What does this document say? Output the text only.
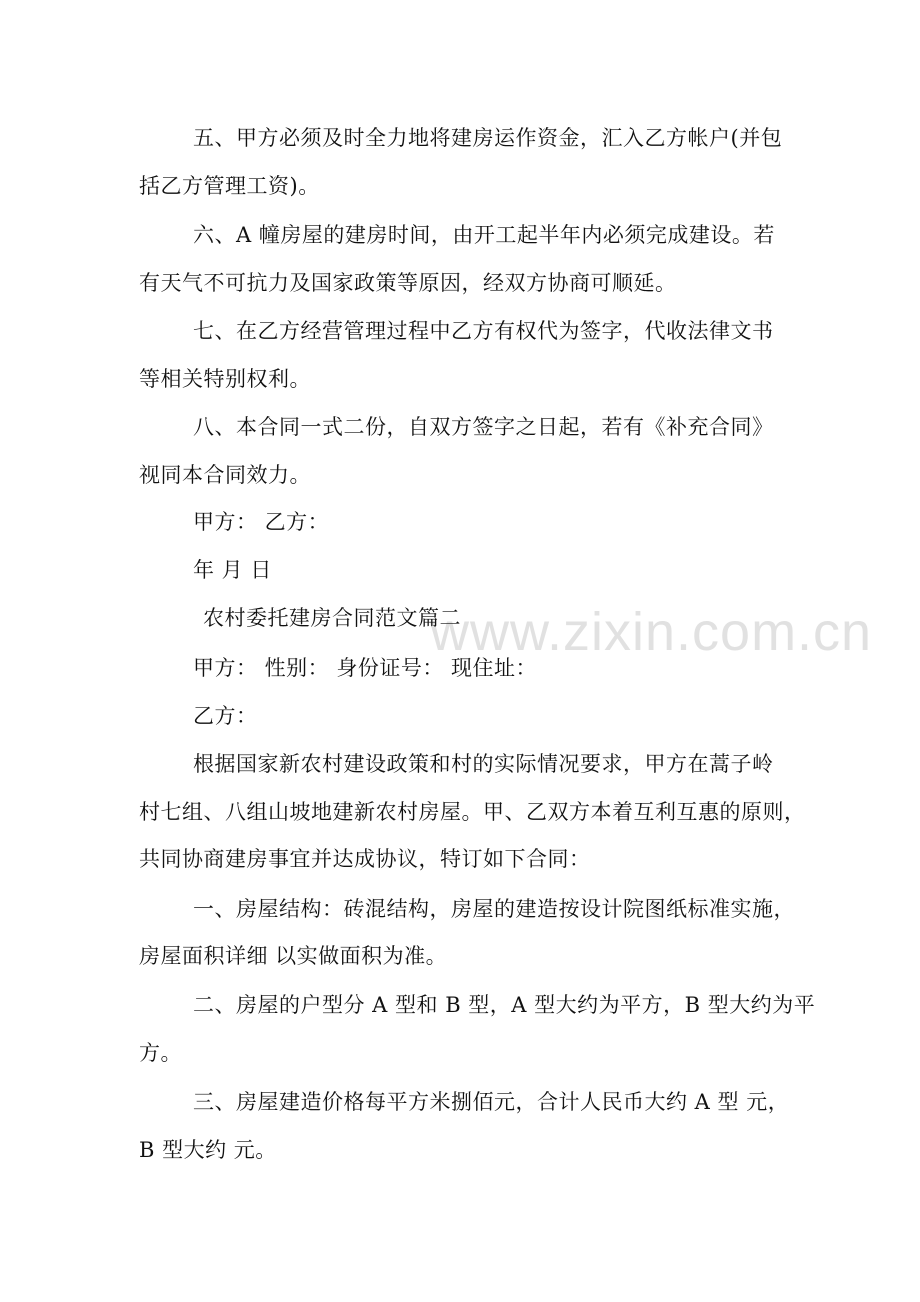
www.zixin.com.cn
五、甲方必须及时全力地将建房运作资金，汇入乙方帐户(并包
括乙方管理工资)。
六、A 幢房屋的建房时间，由开工起半年内必须完成建设。若
有天气不可抗力及国家政策等原因，经双方协商可顺延。
七、在乙方经营管理过程中乙方有权代为签字，代收法律文书
等相关特别权利。
八、本合同一式二份，自双方签字之日起，若有《补充合同》
视同本合同效力。
甲方： 乙方：
年 月 日
农村委托建房合同范文篇二
甲方： 性别： 身份证号： 现住址：
乙方：
根据国家新农村建设政策和村的实际情况要求，甲方在蒿子岭
村七组、八组山坡地建新农村房屋。甲、乙双方本着互利互惠的原则，
共同协商建房事宜并达成协议，特订如下合同：
一、房屋结构：砖混结构，房屋的建造按设计院图纸标准实施，
房屋面积详细 以实做面积为准。
二、房屋的户型分 A 型和 B 型，A 型大约为平方，B 型大约为平
方。
三、房屋建造价格每平方米捌佰元，合计人民币大约 A 型 元，
B 型大约 元。
